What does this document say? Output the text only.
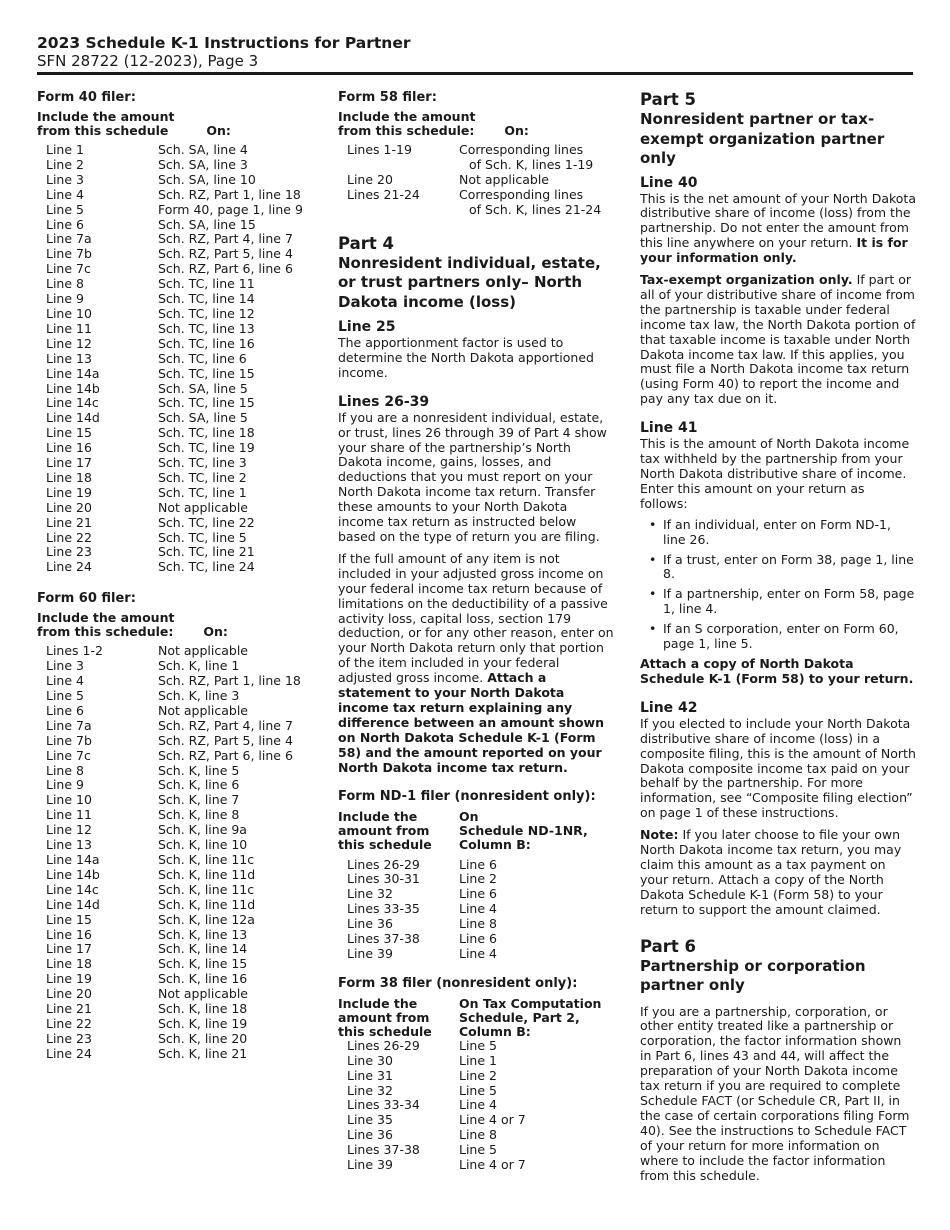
2023 Schedule K-1 Instructions for Partner
SFN 28722 (12-2023), Page 3
Form 40 filer:
Include the amount
from this schedule	On:
Line 1	Sch. SA, line 4
Line 2	Sch. SA, line 3
Line 3	Sch. SA, line 10
Line 4	Sch. RZ, Part 1, line 18
Line 5	Form 40, page 1, line 9
Line 6	Sch. SA, line 15
Line 7a	Sch. RZ, Part 4, line 7
Line 7b	Sch. RZ, Part 5, line 4
Line 7c	Sch. RZ, Part 6, line 6
Line 8	Sch. TC, line 11
Line 9	Sch. TC, line 14
Line 10	Sch. TC, line 12
Line 11	Sch. TC, line 13
Line 12	Sch. TC, line 16
Line 13	Sch. TC, line 6
Line 14a	Sch. TC, line 15
Line 14b	Sch. SA, line 5
Line 14c	Sch. TC, line 15
Line 14d	Sch. SA, line 5
Line 15	Sch. TC, line 18
Line 16	Sch. TC, line 19
Line 17	Sch. TC, line 3
Line 18	Sch. TC, line 2
Line 19	Sch. TC, line 1
Line 20	Not applicable
Line 21	Sch. TC, line 22
Line 22	Sch. TC, line 5
Line 23	Sch. TC, line 21
Line 24	Sch. TC, line 24
Form 60 filer:
Include the amount
from this schedule: On:
Lines 1-2	Not applicable
Line 3	Sch. K, line 1
Line 4	Sch. RZ, Part 1, line 18
Line 5	Sch. K, line 3
Line 6	Not applicable
Line 7a	Sch. RZ, Part 4, line 7
Line 7b	Sch. RZ, Part 5, line 4
Line 7c	Sch. RZ, Part 6, line 6
Line 8	Sch. K, line 5
Line 9	Sch. K, line 6
Line 10	Sch. K, line 7
Line 11	Sch. K, line 8
Line 12	Sch. K, line 9a
Line 13	Sch. K, line 10
Line 14a	Sch. K, line 11c
Line 14b	Sch. K, line 11d
Line 14c	Sch. K, line 11c
Line 14d	Sch. K, line 11d
Line 15	Sch. K, line 12a
Line 16	Sch. K, line 13
Line 17	Sch. K, line 14
Line 18	Sch. K, line 15
Line 19	Sch. K, line 16
Line 20	Not applicable
Line 21	Sch. K, line 18
Line 22	Sch. K, line 19
Line 23	Sch. K, line 20
Line 24	Sch. K, line 21
Form 58 filer:
Include the amount
from this schedule: On:
Lines 1-19	Corresponding lines
of Sch. K, lines 1-19

Line 20	Not applicable
Lines 21-24	Corresponding lines
of Sch. K, lines 21-24
Part 4
Nonresident individual, estate, or trust partners only– North Dakota income (loss)
Line 25

The apportionment factor is used to determine the North Dakota apportioned income.

Lines 26-39

If you are a nonresident individual, estate, or trust, lines 26 through 39 of Part 4 show your share of the partnership’s North Dakota income, gains, losses, and deductions that you must report on your North Dakota income tax return. Transfer these amounts to your North Dakota income tax return as instructed below based on the type of return you are filing.

If the full amount of any item is not included in your adjusted gross income on your federal income tax return because of limitations on the deductibility of a passive activity loss, capital loss, section 179 deduction, or for any other reason, enter on your North Dakota return only that portion of the item included in your federal adjusted gross income. Attach a statement to your North Dakota income tax return explaining any difference between an amount shown on North Dakota Schedule K-1 (Form 58) and the amount reported on your North Dakota income tax return.

Form ND-1 filer (nonresident only):
Include the
amount from
this schedule
On
Schedule ND-1NR,
Column B:
Lines 26-29	Line 6
Lines 30-31	Line 2
Line 32	Line 6
Lines 33-35	Line 4
Line 36	Line 8
Lines 37-38	Line 6
Line 39	Line 4
Form 38 filer (nonresident only):
Include the
amount from
this schedule
On Tax Computation
Schedule, Part 2,
Column B:
Lines 26-29	Line 5
Line 30	Line 1
Line 31	Line 2
Line 32	Line 5
Lines 33-34	Line 4
Line 35	Line 4 or 7
Line 36	Line 8
Lines 37-38	Line 5
Line 39	Line 4 or 7
Part 5
Nonresident partner or tax-exempt organization partner only
Line 40

This is the net amount of your North Dakota distributive share of income (loss) from the partnership. Do not enter the amount from this line anywhere on your return. It is for your information only.

Tax-exempt organization only. If part or all of your distributive share of income from the partnership is taxable under federal income tax law, the North Dakota portion of that taxable income is taxable under North Dakota income tax law. If this applies, you must file a North Dakota income tax return (using Form 40) to report the income and pay any tax due on it.

Line 41

This is the amount of North Dakota income tax withheld by the partnership from your North Dakota distributive share of income. Enter this amount on your return as follows:

• If an individual, enter on Form ND-1, line 26.
• If a trust, enter on Form 38, page 1, line 8.
• If a partnership, enter on Form 58, page 1, line 4.
• If an S corporation, enter on Form 60, page 1, line 5.

Attach a copy of North Dakota Schedule K-1 (Form 58) to your return.

Line 42

If you elected to include your North Dakota distributive share of income (loss) in a composite filing, this is the amount of North Dakota composite income tax paid on your behalf by the partnership. For more information, see “Composite filing election” on page 1 of these instructions.

Note: If you later choose to file your own North Dakota income tax return, you may claim this amount as a tax payment on your return. Attach a copy of the North Dakota Schedule K-1 (Form 58) to your return to support the amount claimed.

Part 6
Partnership or corporation partner only

If you are a partnership, corporation, or other entity treated like a partnership or corporation, the factor information shown in Part 6, lines 43 and 44, will affect the preparation of your North Dakota income tax return if you are required to complete Schedule FACT (or Schedule CR, Part II, in the case of certain corporations filing Form 40). See the instructions to Schedule FACT of your return for more information on where to include the factor information from this schedule.
